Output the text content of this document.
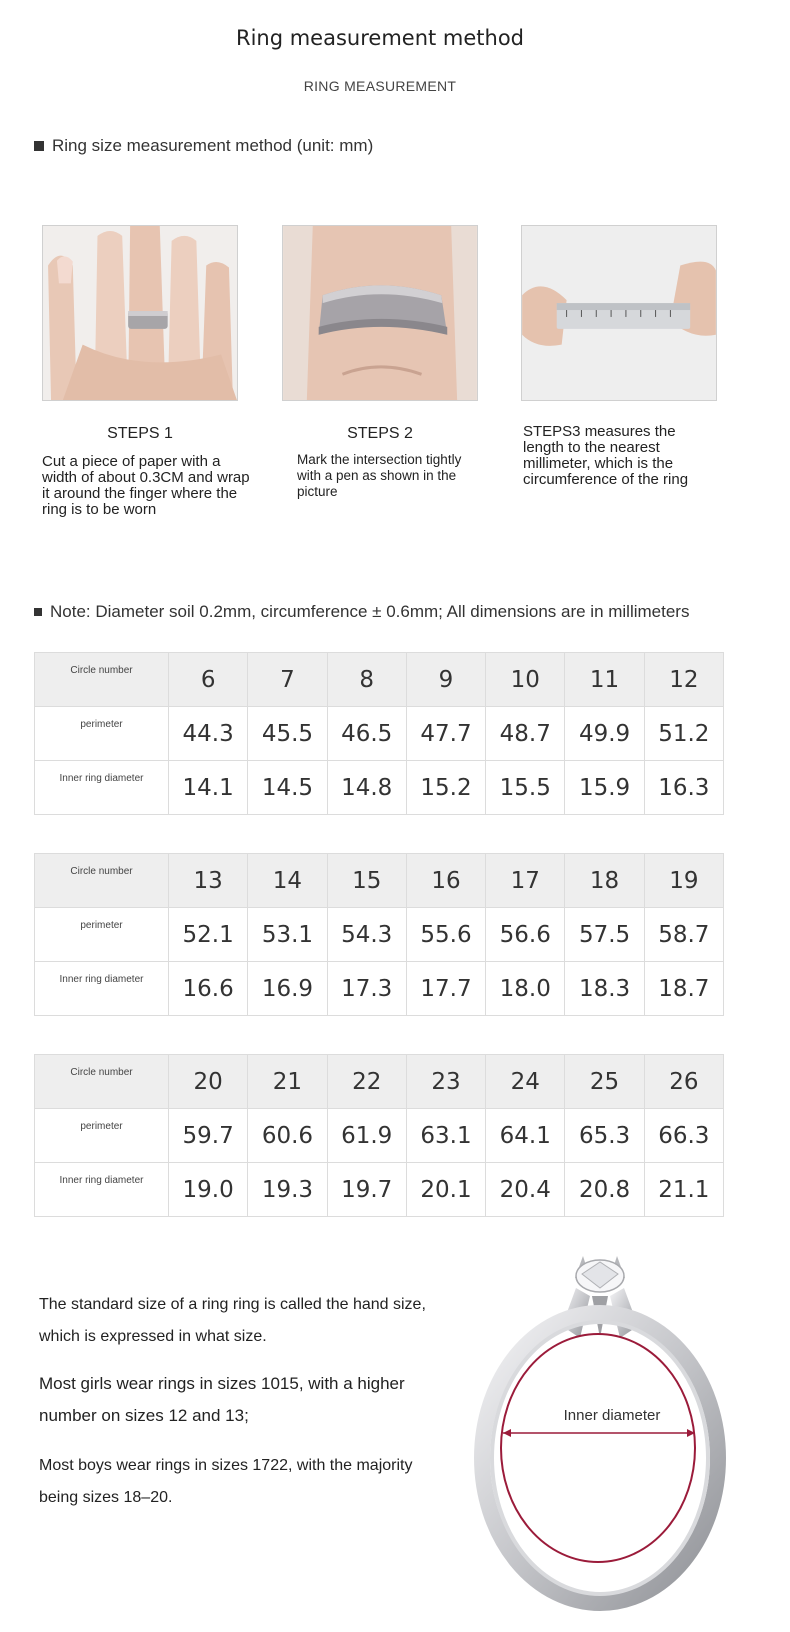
Ring measurement method
RING MEASUREMENT
Ring size measurement method (unit: mm)
STEPS 1	STEPS 2
Cut a piece of paper with a width of about 0.3CM and wrap it around the finger where the ring is to be worn
Mark the intersection tightly with a pen as shown in the picture
STEPS3 measures the length to the nearest millimeter, which is the circumference of the ring
Note: Diameter soil 0.2mm, circumference ± 0.6mm; All dimensions are in millimeters
Circle number	6	7	8	9	10	11	12
perimeter	44.3	45.5	46.5	47.7	48.7	49.9	51.2
Inner ring diameter	14.1	14.5	14.8	15.2	15.5	15.9	16.3
Circle number	13	14	15	16	17	18	19
perimeter	52.1	53.1	54.3	55.6	56.6	57.5	58.7
Inner ring diameter	16.6	16.9	17.3	17.7	18.0	18.3	18.7
Circle number	20	21	22	23	24	25	26
perimeter	59.7	60.6	61.9	63.1	64.1	65.3	66.3
Inner ring diameter	19.0	19.3	19.7	20.1	20.4	20.8	21.1
The standard size of a ring ring is called the hand size, which is expressed in what size.
Most girls wear rings in sizes 1015, with a higher number on sizes 12 and 13;
Most boys wear rings in sizes 1722, with the majority being sizes 18–20.
Inner diameter
